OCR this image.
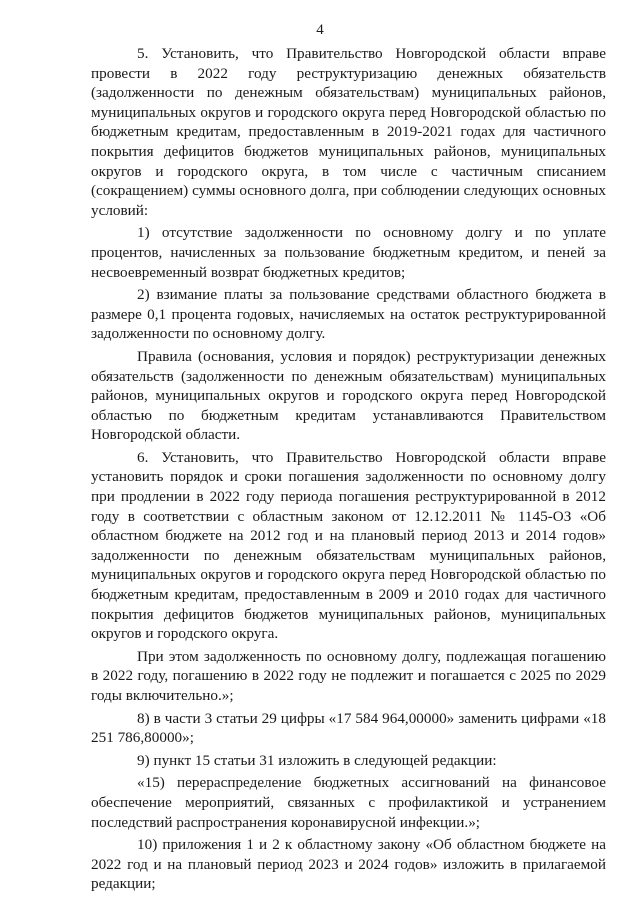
4

5. Установить, что Правительство Новгородской области вправе провести в 2022 году реструктуризацию денежных обязательств (задолженности по денежным обязательствам) муниципальных районов, муниципальных округов и городского округа перед Новгородской областью по бюджетным кредитам, предоставленным в 2019-2021 годах для частичного покрытия дефицитов бюджетов муниципальных районов, муниципальных округов и городского округа, в том числе с частичным списанием (сокращением) суммы основного долга, при соблюдении следующих основных условий:

1) отсутствие задолженности по основному долгу и по уплате процентов, начисленных за пользование бюджетным кредитом, и пеней за несвоевременный возврат бюджетных кредитов;

2) взимание платы за пользование средствами областного бюджета в размере 0,1 процента годовых, начисляемых на остаток реструктурированной задолженности по основному долгу.

Правила (основания, условия и порядок) реструктуризации денежных обязательств (задолженности по денежным обязательствам) муниципальных районов, муниципальных округов и городского округа перед Новгородской областью по бюджетным кредитам устанавливаются Правительством Новгородской области.

6. Установить, что Правительство Новгородской области вправе установить порядок и сроки погашения задолженности по основному долгу при продлении в 2022 году периода погашения реструктурированной в 2012 году в соответствии с областным законом от 12.12.2011 № 1145-ОЗ «Об областном бюджете на 2012 год и на плановый период 2013 и 2014 годов» задолженности по денежным обязательствам муниципальных районов, муниципальных округов и городского округа перед Новгородской областью по бюджетным кредитам, предоставленным в 2009 и 2010 годах для частичного покрытия дефицитов бюджетов муниципальных районов, муниципальных округов и городского округа.

При этом задолженность по основному долгу, подлежащая погашению в 2022 году, погашению в 2022 году не подлежит и погашается с 2025 по 2029 годы включительно.»;

8) в части 3 статьи 29 цифры «17 584 964,00000» заменить цифрами «18 251 786,80000»;

9) пункт 15 статьи 31 изложить в следующей редакции:

«15) перераспределение бюджетных ассигнований на финансовое обеспечение мероприятий, связанных с профилактикой и устранением последствий распространения коронавирусной инфекции.»;

10) приложения 1 и 2 к областному закону «Об областном бюджете на 2022 год и на плановый период 2023 и 2024 годов» изложить в прилагаемой редакции;
